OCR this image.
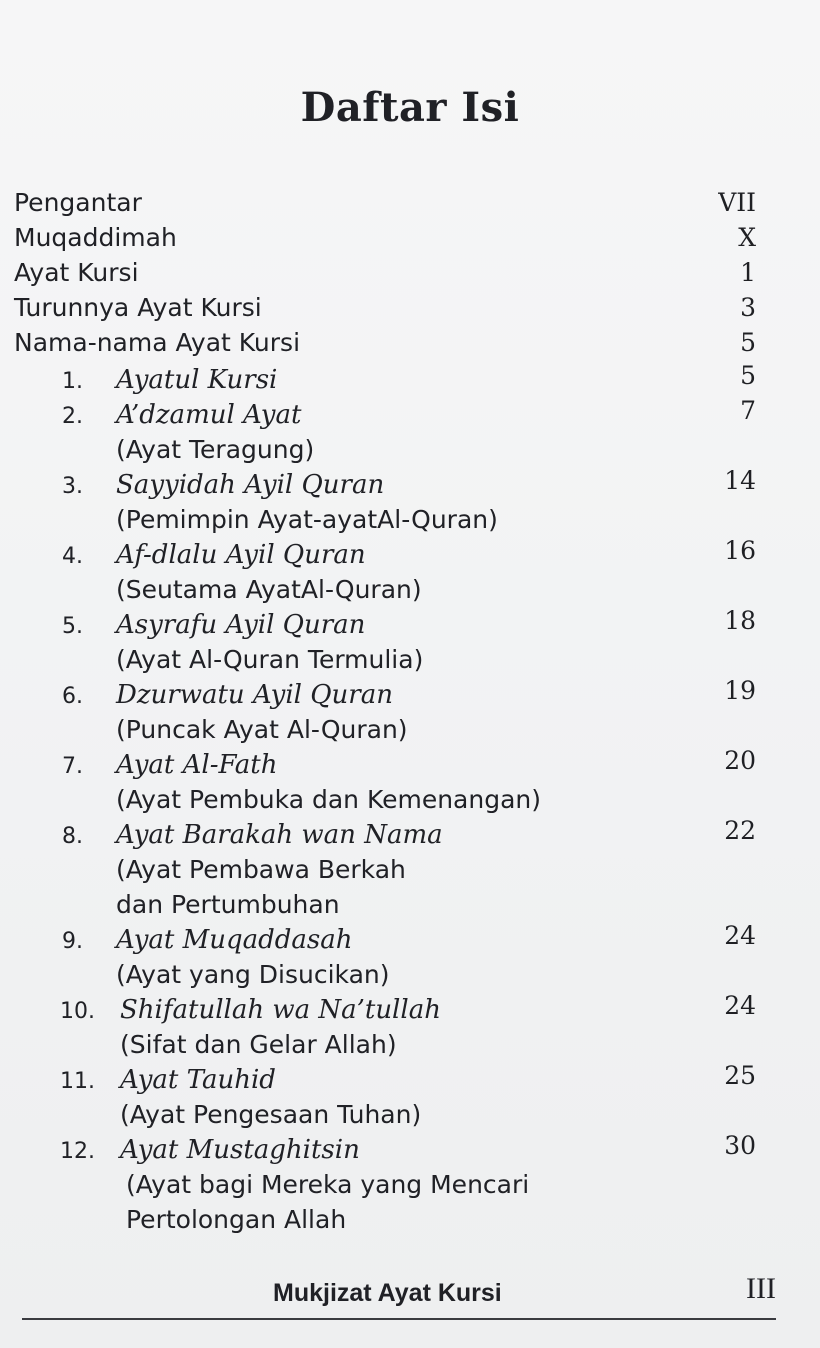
Daftar Isi
Pengantar	VII
Muqaddimah	X
Ayat Kursi	1
Turunnya Ayat Kursi	3
Nama-nama Ayat Kursi	5
1. Ayatul Kursi	5
2. A’dzamul Ayat	7
(Ayat Teragung)
3. Sayyidah Ayil Quran	14
(Pemimpin Ayat-ayatAl-Quran)
4. Af-dlalu Ayil Quran	16
(Seutama AyatAl-Quran)
5. Asyrafu Ayil Quran	18
(Ayat Al-Quran Termulia)
6. Dzurwatu Ayil Quran	19
(Puncak Ayat Al-Quran)
7. Ayat Al-Fath	20
(Ayat Pembuka dan Kemenangan)
8. Ayat Barakah wan Nama	22
(Ayat Pembawa Berkah
dan Pertumbuhan
9. Ayat Muqaddasah	24
(Ayat yang Disucikan)
10. Shifatullah wa Na’tullah	24
(Sifat dan Gelar Allah)
11. Ayat Tauhid	25
(Ayat Pengesaan Tuhan)
12. Ayat Mustaghitsin	30
(Ayat bagi Mereka yang Mencari
Pertolongan Allah
Mukjizat Ayat Kursi	III
